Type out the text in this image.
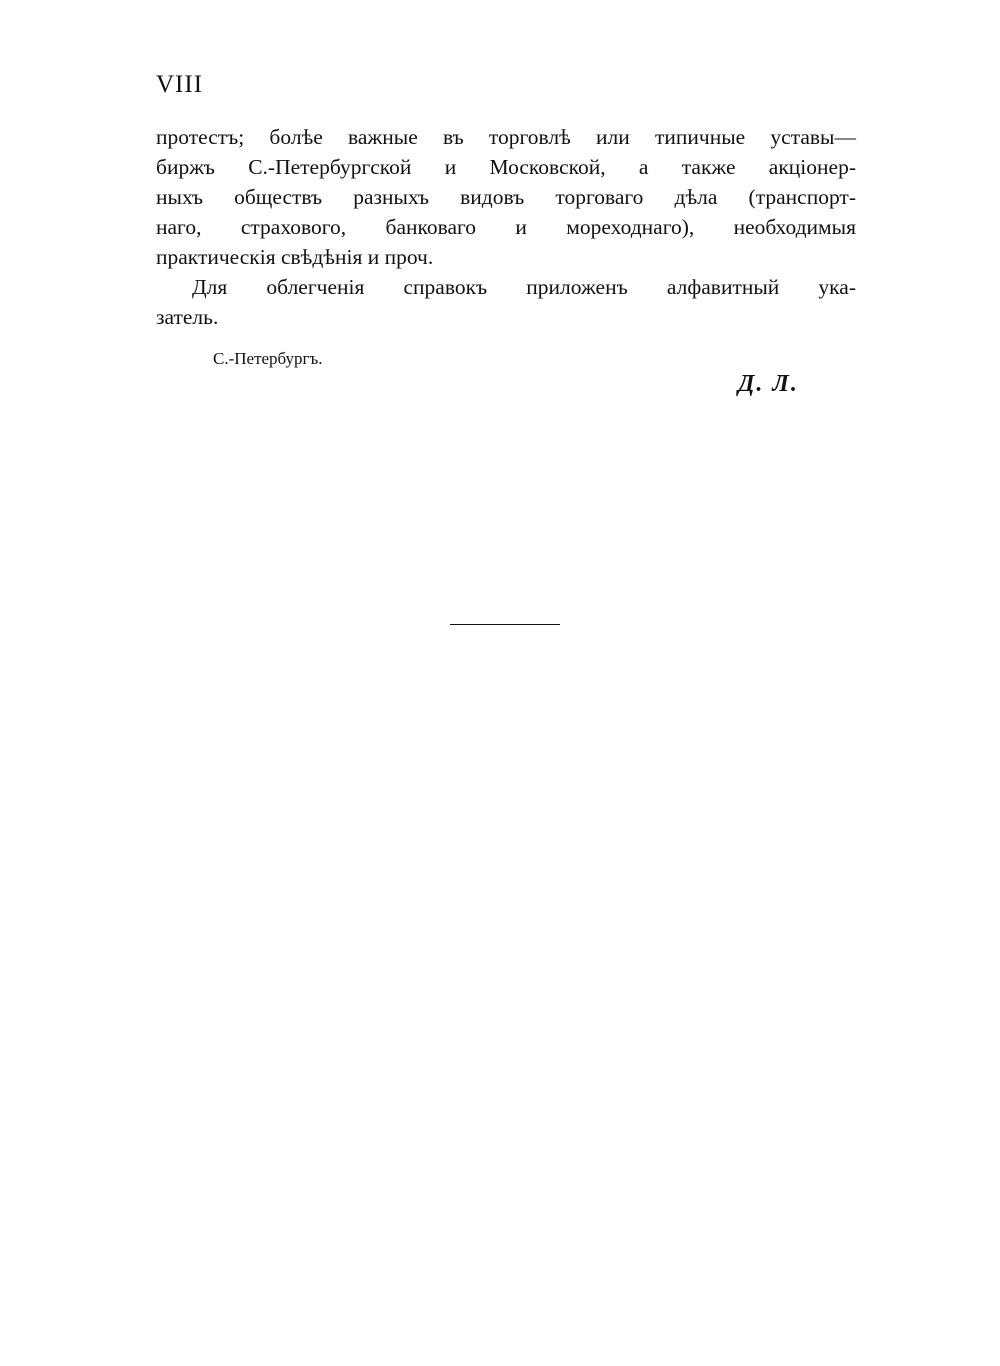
VIII
протестъ; болѣе важные въ торговлѣ или типичные уставы—
биржъ С.-Петербургской и Московской, а также акціонер-
ныхъ обществъ разныхъ видовъ торговаго дѣла (транспорт-
наго, страхового, банковаго и мореходнаго), необходимыя
практическія свѣдѣнія и проч.
Для облегченія справокъ приложенъ алфавитный ука-
затель.
С.-Петербургъ.
Д. Л.
